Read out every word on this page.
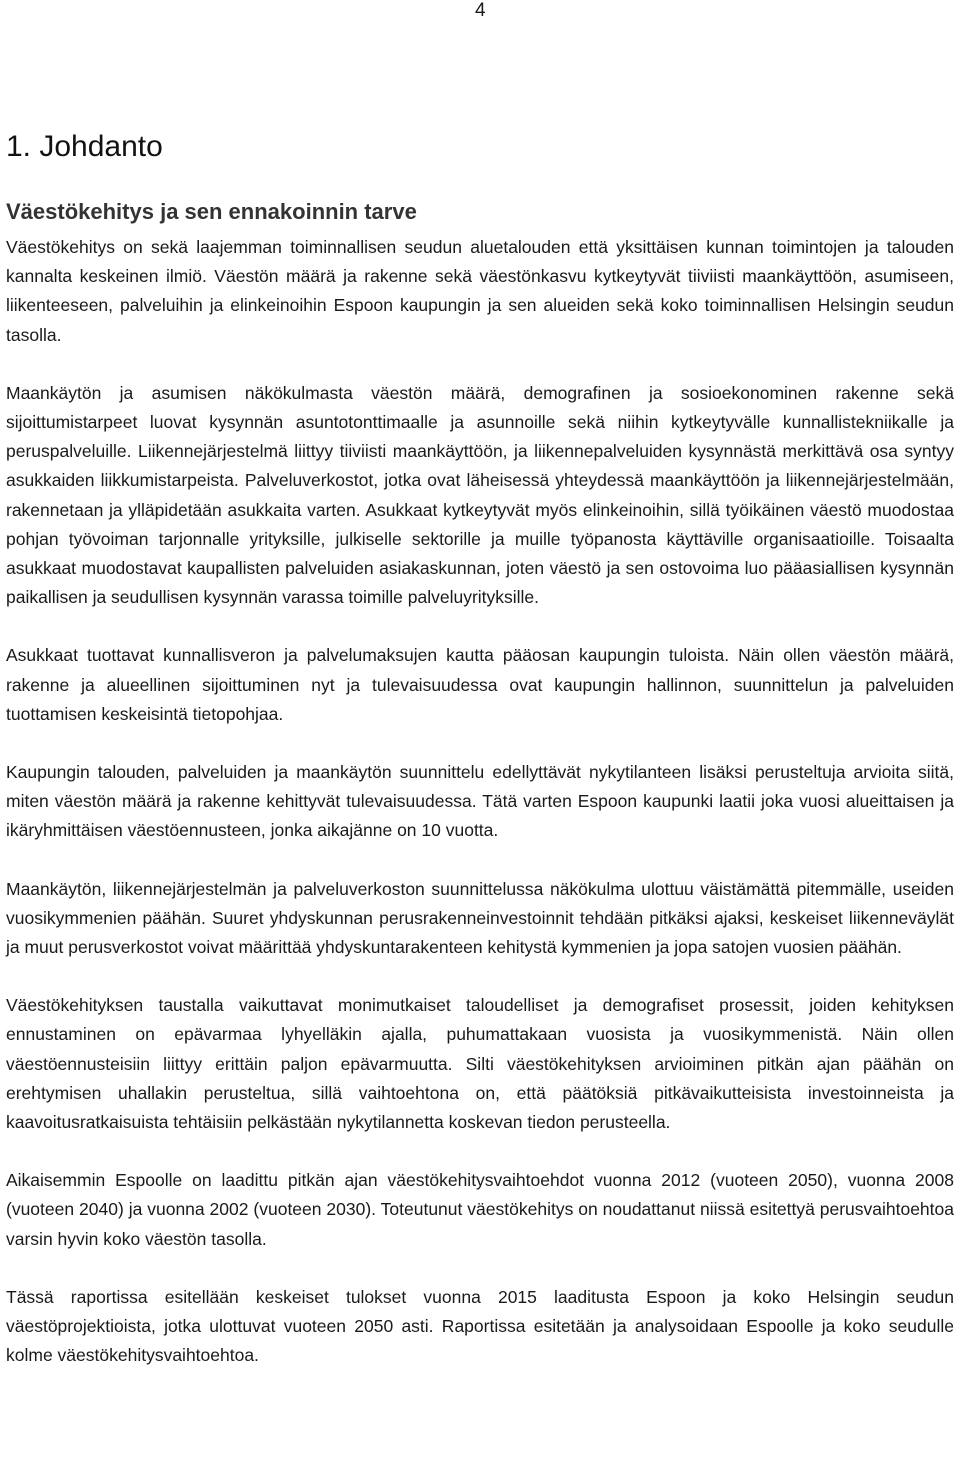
4
1. Johdanto
Väestökehitys ja sen ennakoinnin tarve

Väestökehitys on sekä laajemman toiminnallisen seudun aluetalouden että yksittäisen kunnan toimintojen ja talouden kannalta keskeinen ilmiö. Väestön määrä ja rakenne sekä väestönkasvu kytkeytyvät tiiviisti maankäyttöön, asumiseen, liikenteeseen, palveluihin ja elinkeinoihin Espoon kaupungin ja sen alueiden sekä koko toiminnallisen Helsingin seudun tasolla.

Maankäytön ja asumisen näkökulmasta väestön määrä, demografinen ja sosioekonominen rakenne sekä sijoittumistarpeet luovat kysynnän asuntotonttimaalle ja asunnoille sekä niihin kytkeytyvälle kunnallistekniikalle ja peruspalveluille. Liikennejärjestelmä liittyy tiiviisti maankäyttöön, ja liikennepalveluiden kysynnästä merkittävä osa syntyy asukkaiden liikkumistarpeista. Palveluverkostot, jotka ovat läheisessä yhteydessä maankäyttöön ja liikennejärjestelmään, rakennetaan ja ylläpidetään asukkaita varten. Asukkaat kytkeytyvät myös elinkeinoihin, sillä työikäinen väestö muodostaa pohjan työvoiman tarjonnalle yrityksille, julkiselle sektorille ja muille työpanosta käyttäville organisaatioille. Toisaalta asukkaat muodostavat kaupallisten palveluiden asiakaskunnan, joten väestö ja sen ostovoima luo pääasiallisen kysynnän paikallisen ja seudullisen kysynnän varassa toimille palveluyrityksille.

Asukkaat tuottavat kunnallisveron ja palvelumaksujen kautta pääosan kaupungin tuloista. Näin ollen väestön määrä, rakenne ja alueellinen sijoittuminen nyt ja tulevaisuudessa ovat kaupungin hallinnon, suunnittelun ja palveluiden tuottamisen keskeisintä tietopohjaa.

Kaupungin talouden, palveluiden ja maankäytön suunnittelu edellyttävät nykytilanteen lisäksi perusteltuja arvioita siitä, miten väestön määrä ja rakenne kehittyvät tulevaisuudessa. Tätä varten Espoon kaupunki laatii joka vuosi alueittaisen ja ikäryhmittäisen väestöennusteen, jonka aikajänne on 10 vuotta.

Maankäytön, liikennejärjestelmän ja palveluverkoston suunnittelussa näkökulma ulottuu väistämättä pitemmälle, useiden vuosikymmenien päähän. Suuret yhdyskunnan perusrakenneinvestoinnit tehdään pitkäksi ajaksi, keskeiset liikenneväylät ja muut perusverkostot voivat määrittää yhdyskuntarakenteen kehitystä kymmenien ja jopa satojen vuosien päähän.

Väestökehityksen taustalla vaikuttavat monimutkaiset taloudelliset ja demografiset prosessit, joiden kehityksen ennustaminen on epävarmaa lyhyelläkin ajalla, puhumattakaan vuosista ja vuosikymmenistä. Näin ollen väestöennusteisiin liittyy erittäin paljon epävarmuutta. Silti väestökehityksen arvioiminen pitkän ajan päähän on erehtymisen uhallakin perusteltua, sillä vaihtoehtona on, että päätöksiä pitkävaikutteisista investoinneista ja kaavoitusratkaisuista tehtäisiin pelkästään nykytilannetta koskevan tiedon perusteella.

Aikaisemmin Espoolle on laadittu pitkän ajan väestökehitysvaihtoehdot vuonna 2012 (vuoteen 2050), vuonna 2008 (vuoteen 2040) ja vuonna 2002 (vuoteen 2030). Toteutunut väestökehitys on noudattanut niissä esitettyä perusvaihtoehtoa varsin hyvin koko väestön tasolla.

Tässä raportissa esitellään keskeiset tulokset vuonna 2015 laaditusta Espoon ja koko Helsingin seudun väestöprojektioista, jotka ulottuvat vuoteen 2050 asti. Raportissa esitetään ja analysoidaan Espoolle ja koko seudulle kolme väestökehitysvaihtoehtoa.
